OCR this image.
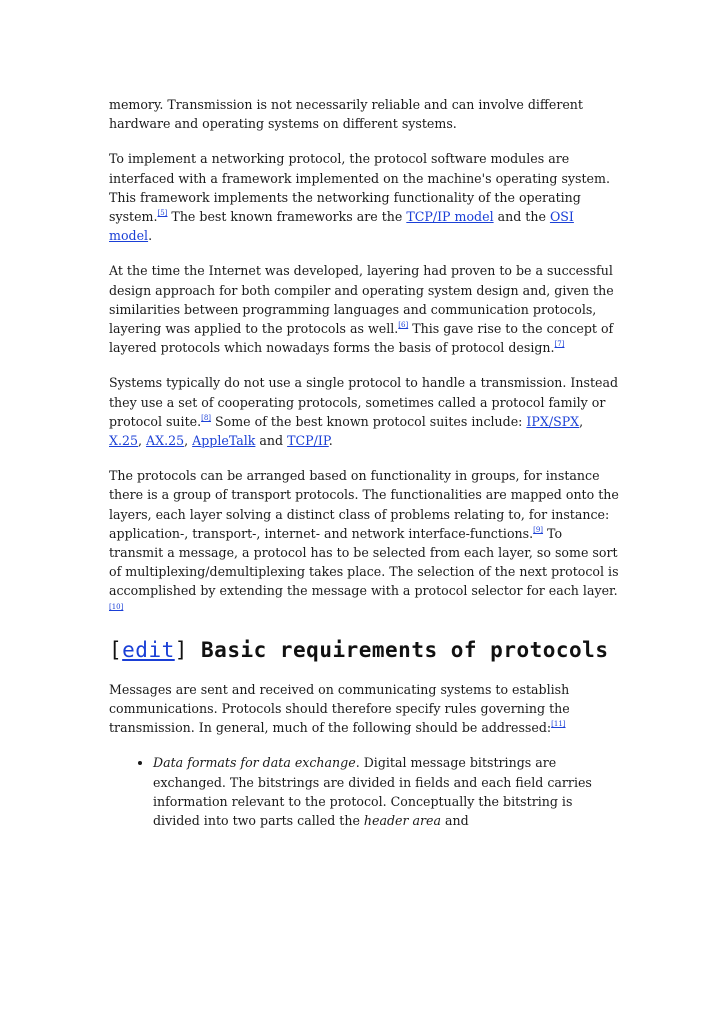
memory. Transmission is not necessarily reliable and can involve different hardware and operating systems on different systems.

To implement a networking protocol, the protocol software modules are interfaced with a framework implemented on the machine's operating system. This framework implements the networking functionality of the operating system.[5] The best known frameworks are the TCP/IP model and the OSI model.

At the time the Internet was developed, layering had proven to be a successful design approach for both compiler and operating system design and, given the similarities between programming languages and communication protocols, layering was applied to the protocols as well.[6] This gave rise to the concept of layered protocols which nowadays forms the basis of protocol design.[7]

Systems typically do not use a single protocol to handle a transmission. Instead they use a set of cooperating protocols, sometimes called a protocol family or protocol suite.[8] Some of the best known protocol suites include: IPX/SPX, X.25, AX.25, AppleTalk and TCP/IP.

The protocols can be arranged based on functionality in groups, for instance there is a group of transport protocols. The functionalities are mapped onto the layers, each layer solving a distinct class of problems relating to, for instance: application-, transport-, internet- and network interface-functions.[9] To transmit a message, a protocol has to be selected from each layer, so some sort of multiplexing/demultiplexing takes place. The selection of the next protocol is accomplished by extending the message with a protocol selector for each layer.[10]

[edit] Basic requirements of protocols

Messages are sent and received on communicating systems to establish communications. Protocols should therefore specify rules governing the transmission. In general, much of the following should be addressed:[11]

• Data formats for data exchange. Digital message bitstrings are exchanged. The bitstrings are divided in fields and each field carries information relevant to the protocol. Conceptually the bitstring is divided into two parts called the header area and
